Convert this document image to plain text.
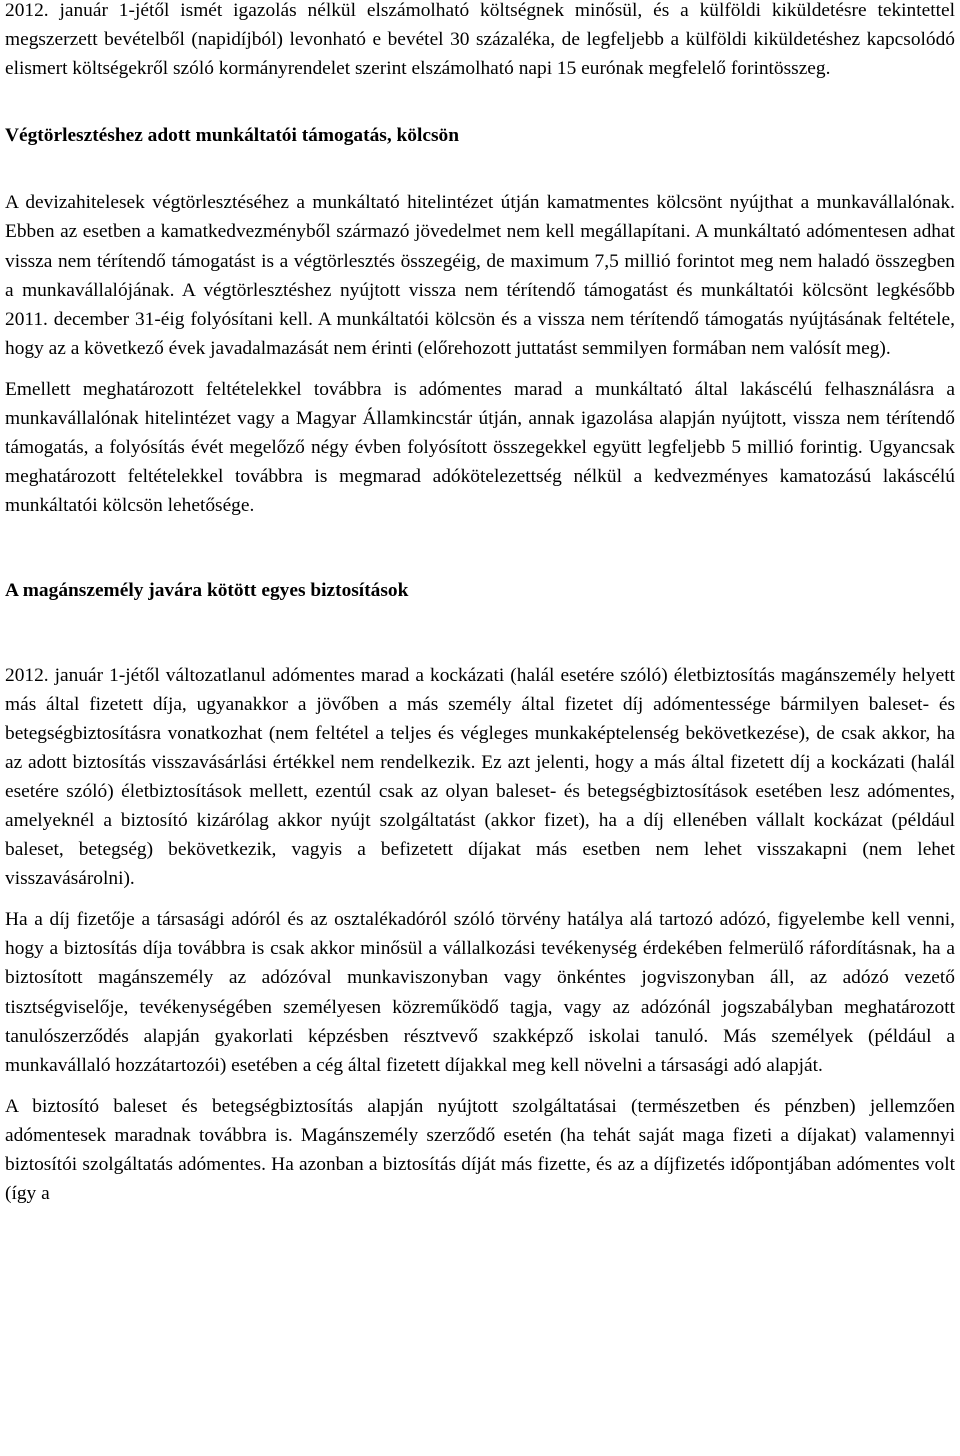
2012. január 1-jétől ismét igazolás nélkül elszámolható költségnek minősül, és a külföldi kiküldetésre tekintettel megszerzett bevételből (napidíjból) levonható e bevétel 30 százaléka, de legfeljebb a külföldi kiküldetéshez kapcsolódó elismert költségekről szóló kormányrendelet szerint elszámolható napi 15 eurónak megfelelő forintösszeg.

Végtörlesztéshez adott munkáltatói támogatás, kölcsön

A devizahitelesek végtörlesztéséhez a munkáltató hitelintézet útján kamatmentes kölcsönt nyújthat a munkavállalónak. Ebben az esetben a kamatkedvezményből származó jövedelmet nem kell megállapítani. A munkáltató adómentesen adhat vissza nem térítendő támogatást is a végtörlesztés összegéig, de maximum 7,5 millió forintot meg nem haladó összegben a munkavállalójának. A végtörlesztéshez nyújtott vissza nem térítendő támogatást és munkáltatói kölcsönt legkésőbb 2011. december 31-éig folyósítani kell. A munkáltatói kölcsön és a vissza nem térítendő támogatás nyújtásának feltétele, hogy az a következő évek javadalmazását nem érinti (előrehozott juttatást semmilyen formában nem valósít meg).

Emellett meghatározott feltételekkel továbbra is adómentes marad a munkáltató által lakáscélú felhasználásra a munkavállalónak hitelintézet vagy a Magyar Államkincstár útján, annak igazolása alapján nyújtott, vissza nem térítendő támogatás, a folyósítás évét megelőző négy évben folyósított összegekkel együtt legfeljebb 5 millió forintig. Ugyancsak meghatározott feltételekkel továbbra is megmarad adókötelezettség nélkül a kedvezményes kamatozású lakáscélú munkáltatói kölcsön lehetősége.

A magánszemély javára kötött egyes biztosítások

2012. január 1-jétől változatlanul adómentes marad a kockázati (halál esetére szóló) életbiztosítás magánszemély helyett más által fizetett díja, ugyanakkor a jövőben a más személy által fizetet díj adómentessége bármilyen baleset- és betegségbiztosításra vonatkozhat (nem feltétel a teljes és végleges munkaképtelenség bekövetkezése), de csak akkor, ha az adott biztosítás visszavásárlási értékkel nem rendelkezik. Ez azt jelenti, hogy a más által fizetett díj a kockázati (halál esetére szóló) életbiztosítások mellett, ezentúl csak az olyan baleset- és betegségbiztosítások esetében lesz adómentes, amelyeknél a biztosító kizárólag akkor nyújt szolgáltatást (akkor fizet), ha a díj ellenében vállalt kockázat (például baleset, betegség) bekövetkezik, vagyis a befizetett díjakat más esetben nem lehet visszakapni (nem lehet visszavásárolni).

Ha a díj fizetője a társasági adóról és az osztalékadóról szóló törvény hatálya alá tartozó adózó, figyelembe kell venni, hogy a biztosítás díja továbbra is csak akkor minősül a vállalkozási tevékenység érdekében felmerülő ráfordításnak, ha a biztosított magánszemély az adózóval munkaviszonyban vagy önkéntes jogviszonyban áll, az adózó vezető tisztségviselője, tevékenységében személyesen közreműködő tagja, vagy az adózónál jogszabályban meghatározott tanulószerződés alapján gyakorlati képzésben résztvevő szakképző iskolai tanuló. Más személyek (például a munkavállaló hozzátartozói) esetében a cég által fizetett díjakkal meg kell növelni a társasági adó alapját.

A biztosító baleset és betegségbiztosítás alapján nyújtott szolgáltatásai (természetben és pénzben) jellemzően adómentesek maradnak továbbra is. Magánszemély szerződő esetén (ha tehát saját maga fizeti a díjakat) valamennyi biztosítói szolgáltatás adómentes. Ha azonban a biztosítás díját más fizette, és az a díjfizetés időpontjában adómentes volt (így a
